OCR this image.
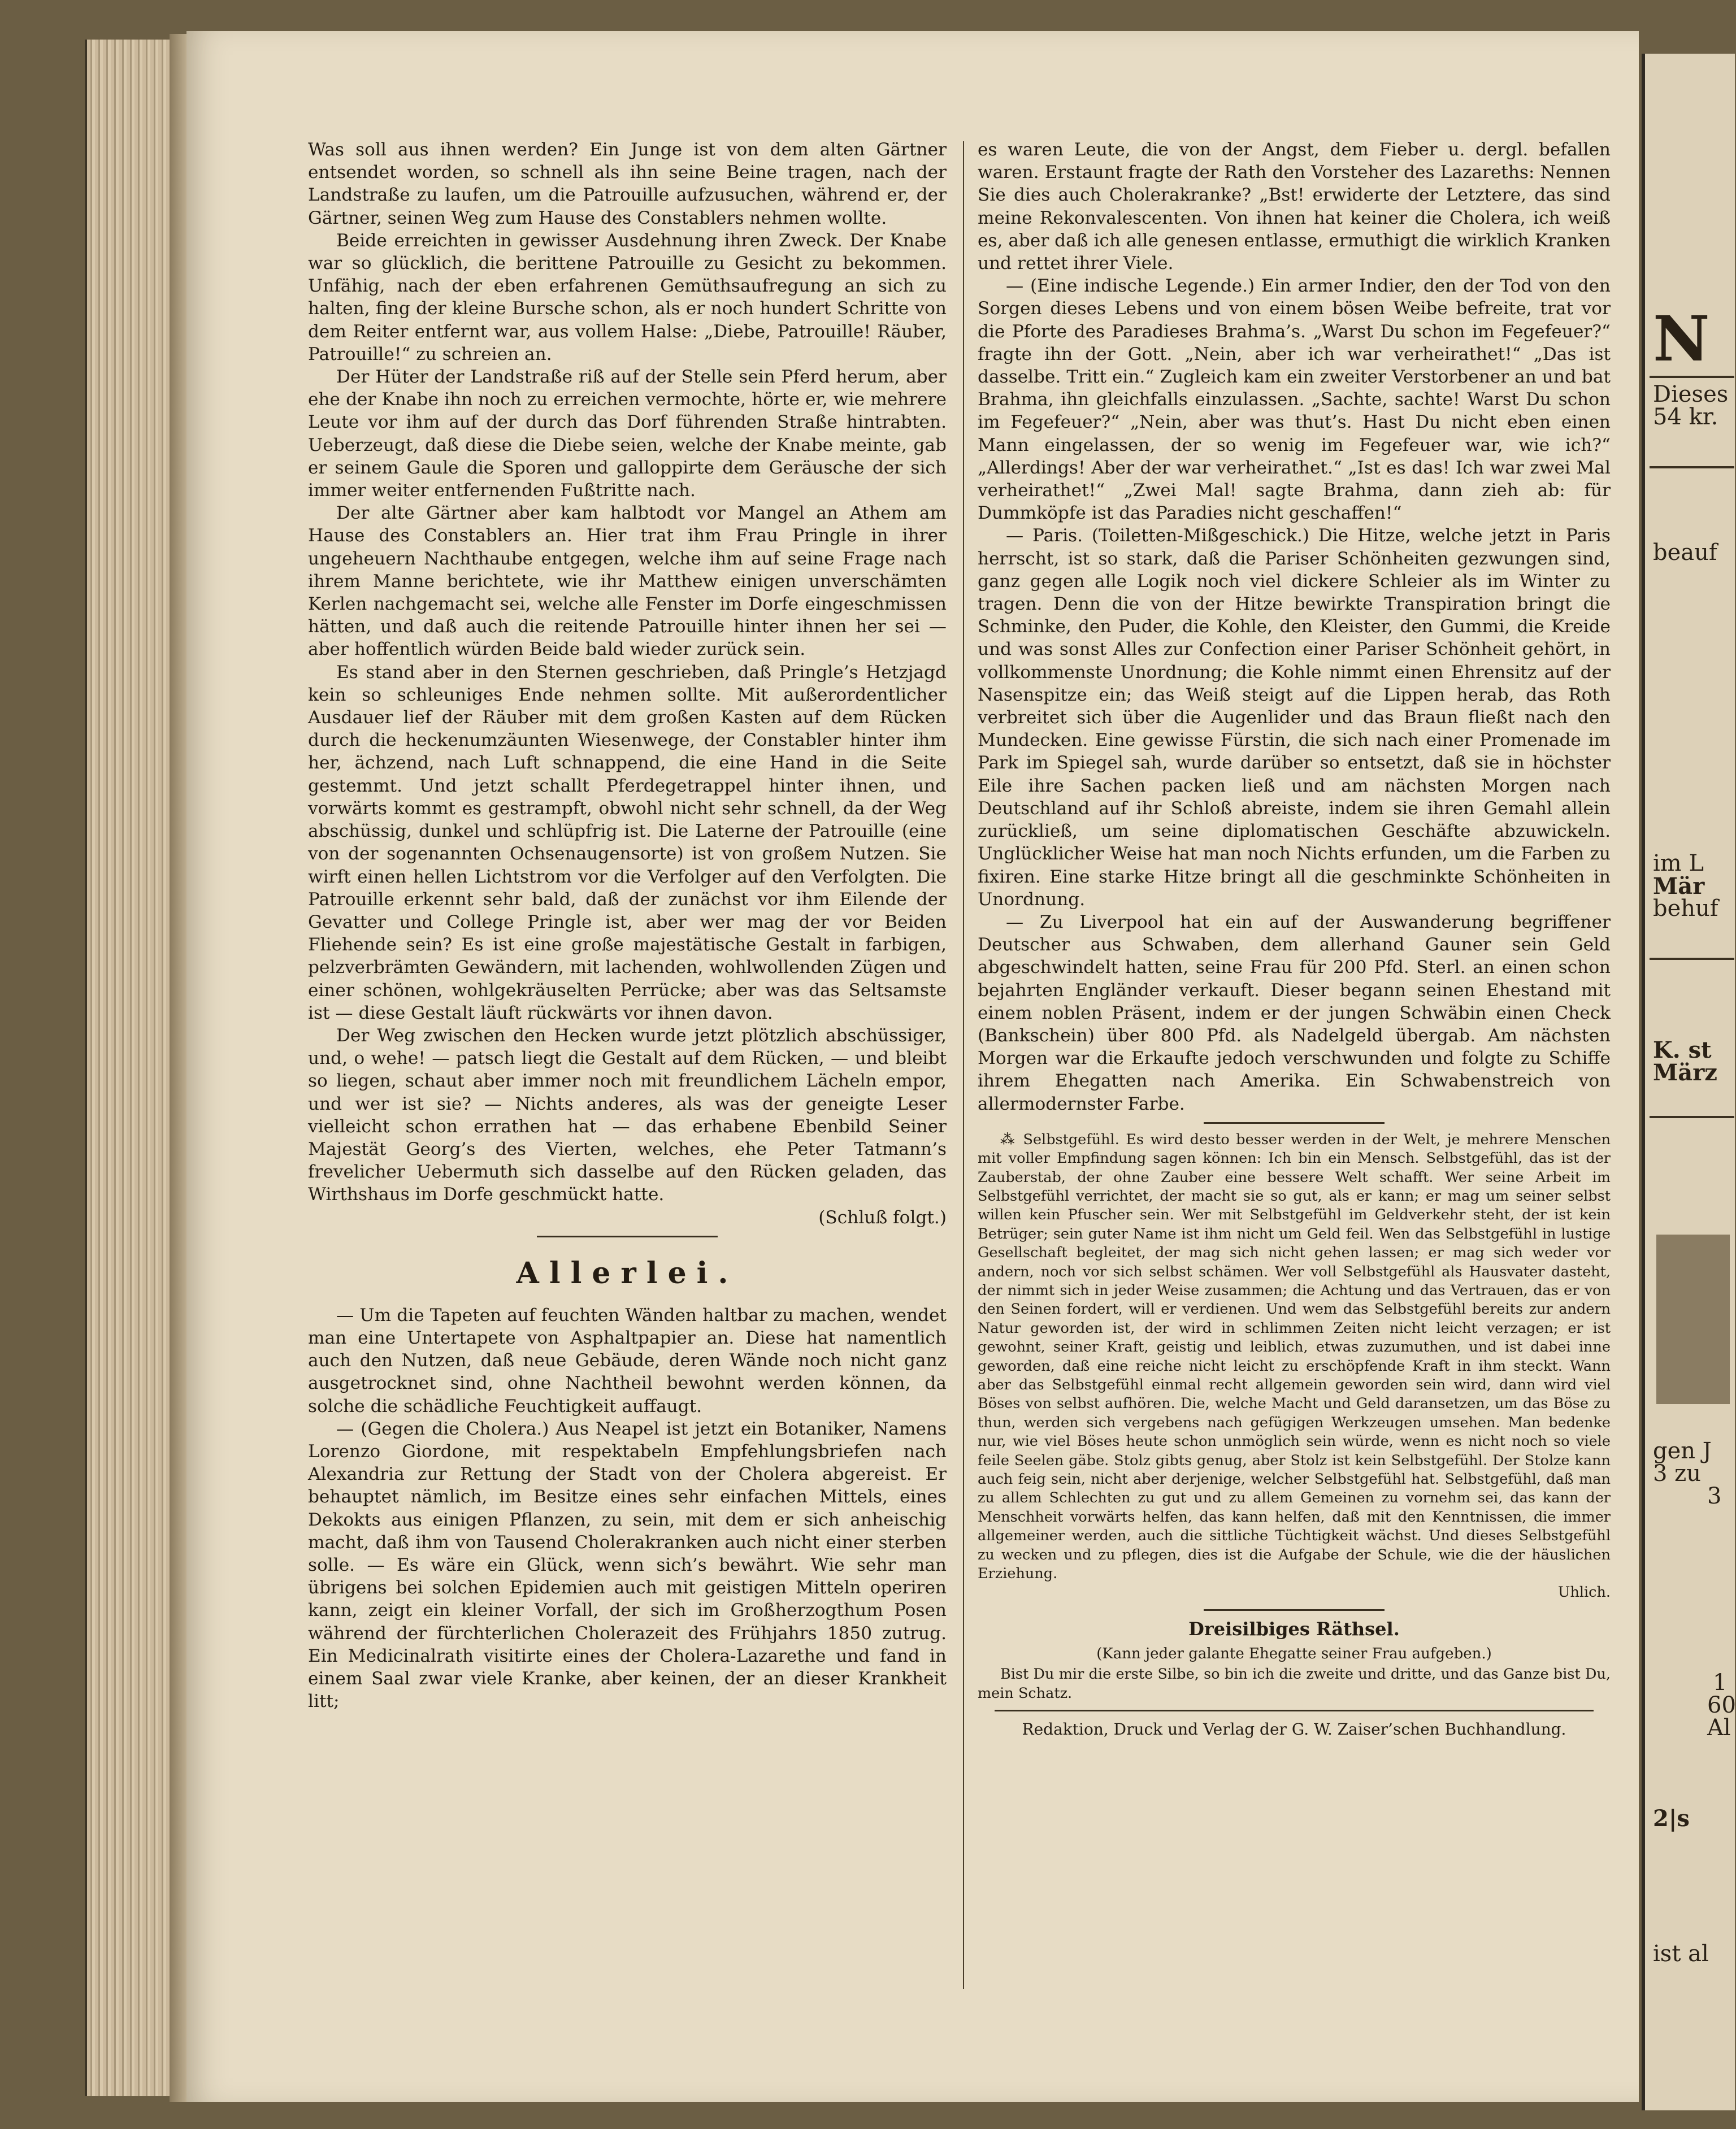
Was soll aus ihnen werden? Ein Junge ist von dem alten Gärtner entsendet worden, so schnell als ihn seine Beine tragen, nach der Landstraße zu laufen, um die Patrouille aufzusuchen, während er, der Gärtner, seinen Weg zum Hause des Constablers nehmen wollte.

Beide erreichten in gewisser Ausdehnung ihren Zweck. Der Knabe war so glücklich, die berittene Patrouille zu Gesicht zu bekommen. Unfähig, nach der eben erfahrenen Gemüthsaufregung an sich zu halten, fing der kleine Bursche schon, als er noch hundert Schritte von dem Reiter entfernt war, aus vollem Halse: „Diebe, Patrouille! Räuber, Patrouille!“ zu schreien an.

Der Hüter der Landstraße riß auf der Stelle sein Pferd herum, aber ehe der Knabe ihn noch zu erreichen vermochte, hörte er, wie mehrere Leute vor ihm auf der durch das Dorf führenden Straße hintrabten. Ueberzeugt, daß diese die Diebe seien, welche der Knabe meinte, gab er seinem Gaule die Sporen und galloppirte dem Geräusche der sich immer weiter entfernenden Fußtritte nach.

Der alte Gärtner aber kam halbtodt vor Mangel an Athem am Hause des Constablers an. Hier trat ihm Frau Pringle in ihrer ungeheuern Nachthaube entgegen, welche ihm auf seine Frage nach ihrem Manne berichtete, wie ihr Matthew einigen unverschämten Kerlen nachgemacht sei, welche alle Fenster im Dorfe eingeschmissen hätten, und daß auch die reitende Patrouille hinter ihnen her sei — aber hoffentlich würden Beide bald wieder zurück sein.

Es stand aber in den Sternen geschrieben, daß Pringle’s Hetzjagd kein so schleuniges Ende nehmen sollte. Mit außerordentlicher Ausdauer lief der Räuber mit dem großen Kasten auf dem Rücken durch die heckenumzäunten Wiesenwege, der Constabler hinter ihm her, ächzend, nach Luft schnappend, die eine Hand in die Seite gestemmt. Und jetzt schallt Pferdegetrappel hinter ihnen, und vorwärts kommt es gestrampft, obwohl nicht sehr schnell, da der Weg abschüssig, dunkel und schlüpfrig ist. Die Laterne der Patrouille (eine von der sogenannten Ochsenaugensorte) ist von großem Nutzen. Sie wirft einen hellen Lichtstrom vor die Verfolger auf den Verfolgten. Die Patrouille erkennt sehr bald, daß der zunächst vor ihm Eilende der Gevatter und College Pringle ist, aber wer mag der vor Beiden Fliehende sein? Es ist eine große majestätische Gestalt in farbigen, pelzverbrämten Gewändern, mit lachenden, wohlwollenden Zügen und einer schönen, wohlgekräuselten Perrücke; aber was das Seltsamste ist — diese Gestalt läuft rückwärts vor ihnen davon.

Der Weg zwischen den Hecken wurde jetzt plötzlich abschüssiger, und, o wehe! — patsch liegt die Gestalt auf dem Rücken, — und bleibt so liegen, schaut aber immer noch mit freundlichem Lächeln empor, und wer ist sie? — Nichts anderes, als was der geneigte Leser vielleicht schon errathen hat — das erhabene Ebenbild Seiner Majestät Georg’s des Vierten, welches, ehe Peter Tatmann’s frevelicher Uebermuth sich dasselbe auf den Rücken geladen, das Wirthshaus im Dorfe geschmückt hatte.

(Schluß folgt.)

Allerlei.

— Um die Tapeten auf feuchten Wänden haltbar zu machen, wendet man eine Untertapete von Asphaltpapier an. Diese hat namentlich auch den Nutzen, daß neue Gebäude, deren Wände noch nicht ganz ausgetrocknet sind, ohne Nachtheil bewohnt werden können, da solche die schädliche Feuchtigkeit auffaugt.

— (Gegen die Cholera.) Aus Neapel ist jetzt ein Botaniker, Namens Lorenzo Giordone, mit respektabeln Empfehlungsbriefen nach Alexandria zur Rettung der Stadt von der Cholera abgereist. Er behauptet nämlich, im Besitze eines sehr einfachen Mittels, eines Dekokts aus einigen Pflanzen, zu sein, mit dem er sich anheischig macht, daß ihm von Tausend Cholerakranken auch nicht einer sterben solle. — Es wäre ein Glück, wenn sich’s bewährt. Wie sehr man übrigens bei solchen Epidemien auch mit geistigen Mitteln operiren kann, zeigt ein kleiner Vorfall, der sich im Großherzogthum Posen während der fürchterlichen Cholerazeit des Frühjahrs 1850 zutrug. Ein Medicinalrath visitirte eines der Cholera-Lazarethe und fand in einem Saal zwar viele Kranke, aber keinen, der an dieser Krankheit litt;

es waren Leute, die von der Angst, dem Fieber u. dergl. befallen waren. Erstaunt fragte der Rath den Vorsteher des Lazareths: Nennen Sie dies auch Cholerakranke? „Bst! erwiderte der Letztere, das sind meine Rekonvalescenten. Von ihnen hat keiner die Cholera, ich weiß es, aber daß ich alle genesen entlasse, ermuthigt die wirklich Kranken und rettet ihrer Viele.

— (Eine indische Legende.) Ein armer Indier, den der Tod von den Sorgen dieses Lebens und von einem bösen Weibe befreite, trat vor die Pforte des Paradieses Brahma’s. „Warst Du schon im Fegefeuer?“ fragte ihn der Gott. „Nein, aber ich war verheirathet!“ „Das ist dasselbe. Tritt ein.“ Zugleich kam ein zweiter Verstorbener an und bat Brahma, ihn gleichfalls einzulassen. „Sachte, sachte! Warst Du schon im Fegefeuer?“ „Nein, aber was thut’s. Hast Du nicht eben einen Mann eingelassen, der so wenig im Fegefeuer war, wie ich?“ „Allerdings! Aber der war verheirathet.“ „Ist es das! Ich war zwei Mal verheirathet!“ „Zwei Mal! sagte Brahma, dann zieh ab: für Dummköpfe ist das Paradies nicht geschaffen!“

— Paris. (Toiletten-Mißgeschick.) Die Hitze, welche jetzt in Paris herrscht, ist so stark, daß die Pariser Schönheiten gezwungen sind, ganz gegen alle Logik noch viel dickere Schleier als im Winter zu tragen. Denn die von der Hitze bewirkte Transpiration bringt die Schminke, den Puder, die Kohle, den Kleister, den Gummi, die Kreide und was sonst Alles zur Confection einer Pariser Schönheit gehört, in vollkommenste Unordnung; die Kohle nimmt einen Ehrensitz auf der Nasenspitze ein; das Weiß steigt auf die Lippen herab, das Roth verbreitet sich über die Augenlider und das Braun fließt nach den Mundecken. Eine gewisse Fürstin, die sich nach einer Promenade im Park im Spiegel sah, wurde darüber so entsetzt, daß sie in höchster Eile ihre Sachen packen ließ und am nächsten Morgen nach Deutschland auf ihr Schloß abreiste, indem sie ihren Gemahl allein zurückließ, um seine diplomatischen Geschäfte abzuwickeln. Unglücklicher Weise hat man noch Nichts erfunden, um die Farben zu fixiren. Eine starke Hitze bringt all die geschminkte Schönheiten in Unordnung.

— Zu Liverpool hat ein auf der Auswanderung begriffener Deutscher aus Schwaben, dem allerhand Gauner sein Geld abgeschwindelt hatten, seine Frau für 200 Pfd. Sterl. an einen schon bejahrten Engländer verkauft. Dieser begann seinen Ehestand mit einem noblen Präsent, indem er der jungen Schwäbin einen Check (Bankschein) über 800 Pfd. als Nadelgeld übergab. Am nächsten Morgen war die Erkaufte jedoch verschwunden und folgte zu Schiffe ihrem Ehegatten nach Amerika. Ein Schwabenstreich von allermodernster Farbe.

⁂ Selbstgefühl. Es wird desto besser werden in der Welt, je mehrere Menschen mit voller Empfindung sagen können: Ich bin ein Mensch. Selbstgefühl, das ist der Zauberstab, der ohne Zauber eine bessere Welt schafft. Wer seine Arbeit im Selbstgefühl verrichtet, der macht sie so gut, als er kann; er mag um seiner selbst willen kein Pfuscher sein. Wer mit Selbstgefühl im Geldverkehr steht, der ist kein Betrüger; sein guter Name ist ihm nicht um Geld feil. Wen das Selbstgefühl in lustige Gesellschaft begleitet, der mag sich nicht gehen lassen; er mag sich weder vor andern, noch vor sich selbst schämen. Wer voll Selbstgefühl als Hausvater dasteht, der nimmt sich in jeder Weise zusammen; die Achtung und das Vertrauen, das er von den Seinen fordert, will er verdienen. Und wem das Selbstgefühl bereits zur andern Natur geworden ist, der wird in schlimmen Zeiten nicht leicht verzagen; er ist gewohnt, seiner Kraft, geistig und leiblich, etwas zuzumuthen, und ist dabei inne geworden, daß eine reiche nicht leicht zu erschöpfende Kraft in ihm steckt. Wann aber das Selbstgefühl einmal recht allgemein geworden sein wird, dann wird viel Böses von selbst aufhören. Die, welche Macht und Geld daransetzen, um das Böse zu thun, werden sich vergebens nach gefügigen Werkzeugen umsehen. Man bedenke nur, wie viel Böses heute schon unmöglich sein würde, wenn es nicht noch so viele feile Seelen gäbe. Stolz gibts genug, aber Stolz ist kein Selbstgefühl. Der Stolze kann auch feig sein, nicht aber derjenige, welcher Selbstgefühl hat. Selbstgefühl, daß man zu allem Schlechten zu gut und zu allem Gemeinen zu vornehm sei, das kann der Menschheit vorwärts helfen, das kann helfen, daß mit den Kenntnissen, die immer allgemeiner werden, auch die sittliche Tüchtigkeit wächst. Und dieses Selbstgefühl zu wecken und zu pflegen, dies ist die Aufgabe der Schule, wie die der häuslichen Erziehung.

Uhlich.

Dreisilbiges Räthsel.
(Kann jeder galante Ehegatte seiner Frau aufgeben.)

Bist Du mir die erste Silbe, so bin ich die zweite und dritte, und das Ganze bist Du, mein Schatz.

Redaktion, Druck und Verlag der G. W. Zaiser’schen Buchhandlung.
N
Dieses
54 kr.
beauf
im L
Mär
behuf
K. st
März
gen J
3 zu
3
1
60
Al
2|s
ist al
